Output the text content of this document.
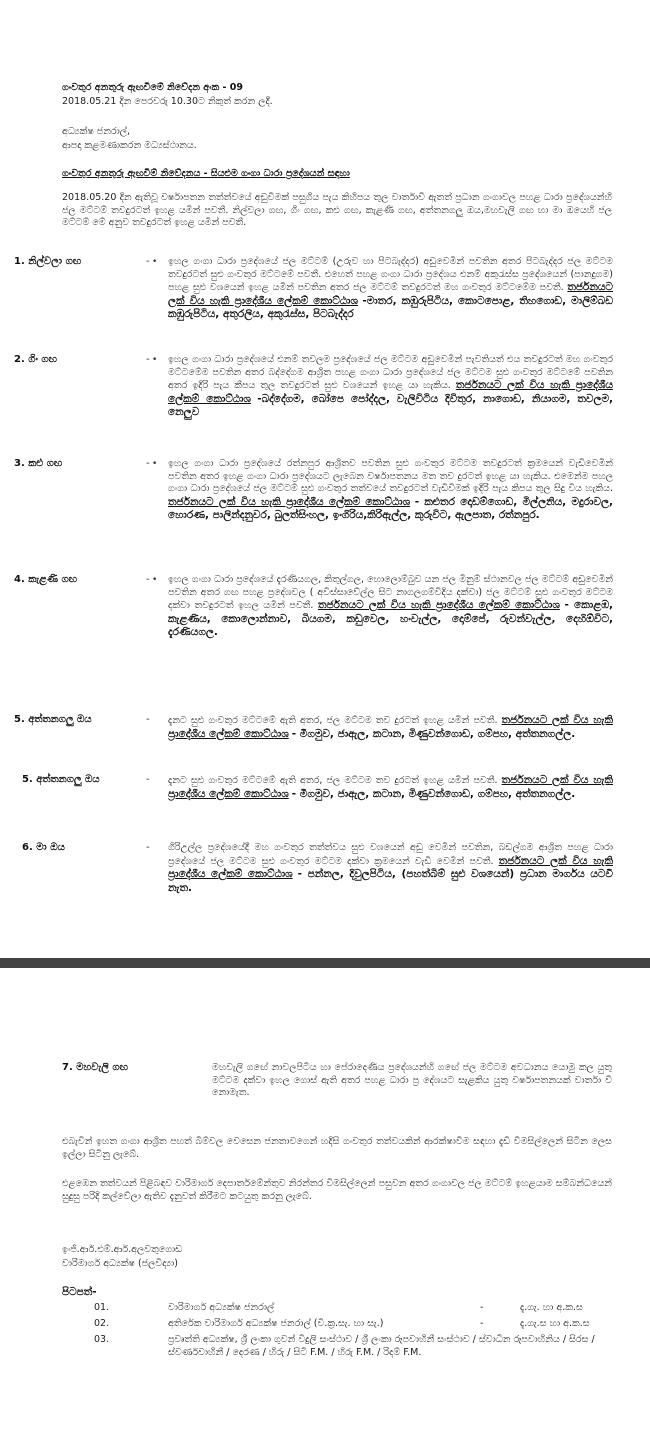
ගංවතුර අනතුරු ඇඟවීමේ නිවේදන අංක - 09
2018.05.21 දින පෙරවරු 10.30ට නිකුත් කරන ලදී.
අධ්‍යක්ෂ ජනරාල්,
ආපදා කළමණාකරන මධ්‍යස්ථානය.
ගංවතුර අනතුරු ඇඟවීම් නිවේදනය - සියළුම ගංගා ධාරා ප්‍රදේශයන් සඳහා
2018.05.20 දින ඇතිවූ වර්ෂාපතන තත්ත්වයේ අඩුවීමක් පසුගිය පැය කිහිපය තුල වාර්තාවී ඇතත් ප්‍රධාන ගංගාවල පහළ ධාරා ප්‍රදේශයන්හි ජල මට්ටම් තවදුරටත් ඉහළ යමින් පවතී. නිල්වලා ගඟ, ගිං ගඟ, කළු ගඟ, කැළණි ගඟ, අත්තනගලු ඔය,මහවැලි ගඟ හා මා ඔයෙහි ජල මට්ටම් මේ අනුව තවදුරටත් ඉහළ යමින් පවතී.
1. නිල්වලා ගඟ	- • ඉහල ගංගා ධාරා ප්‍රදේශයේ ජල මට්ටම් (උරුව හා පිටබැද්දර) අඩුවෙමින් පවතින අතර පිටබැද්දර ජල මට්ටම තවදුරටත් සුළු ගංවතුර මට්ටමේ පවතී. එහෙත් පහළ ගංගා ධාරා ප්‍රදේශය එනම් අකුරැස්ස ප්‍රදේශයෙන් (පානදුගම) පහළ සුළු වශයෙන් ඉහළ යමින් පවතින අතර ජල මට්ටම් තවදුරටත් මහ ගංවතුර මට්ටමේම පවතී. තර්ජනයට ලක් විය හැකි ප්‍රාදේශීය ලේකම් කොට්ඨාශ -මාතර, කඹුරුපිටිය, කොටපොළ, තිහගොඩ, මාලිම්බඩ කඹුරුපිටිය, අතුරලිය, අකුරැස්ස, පිටබැද්දර
2. ගිං ගඟ	- • ඉහල ගංගා ධාරා ප්‍රදේශයේ එනම් තවලම ප්‍රදේශයේ ජල මට්ටම අඩුවෙමින් පැවතියත් එය තවදුරටත් මහ ගංවතුර මට්ටමේම පවතින අතර බද්දේගම ආශ්‍රිත පහළ ගංගා ධාරා ප්‍රදේශයේ ජල මට්ටම සුළු ගංවතුර මට්ටමේ පවතින අතර ඉදිරි පැය කීපය තුල තවදුරටත් සුළු වශයෙන් ඉහළ යා හැකිය. තර්ජනයට ලක් විය හැකි ප්‍රාදේශීය ලේකම් කොට්ඨාශ -බද්දේගම, බෝපෙ පෝද්දල, වැලිවිටිය දිවිතුර, නාගොඩ, නියාගම, තවලම, නෙලුව
3. කළු ගඟ	- • ඉහල ගංගා ධාරා ප්‍රදේශයේ රත්නපුර ආශ්‍රිතව පවතින සුළු ගංවතුර මට්ටම තවදුරටත් ක්‍රමයෙන් වැඩිවෙමින් පවතින අතර ඉහළ ගංගා ධාරා ප්‍රදේශයට ලැබෙන වර්ෂාපතනය මත තව දුරටත් ඉහළ යා හැකිය. එමෙන්ම පහල ගංගා ධාරා ප්‍රදේශයේ ජල මට්ටම් සුළු ගංවතුර තත්වයේ තවදුරටත් වැඩිවීමක් ඉදිරි පැය කිපය තුල සිදු විය හැකිය. තර්ජනයට ලක් විය හැකි ප්‍රාදේශීය ලේකම් කොට්ඨාශ - කළුතර දොඩම්ගොඩ, මිල්ලනිය, මදුරාවල, හොරණ, පාලින්දනුවර, බුලත්සිංහල, ඉංගිරිය,කිරිඇල්ල, කුරුවිට, ඇලපාත, රත්නපුර.
4. කැළණි ගඟ	- • ඉහල ගංගා ධාරා ප්‍රදේශයේ දැරණියගල, කිතුල්ගල, හොලොම්බුව යන ජල මිනුම් ස්ථානවල ජල මට්ටම් අඩුවෙමින් පවතින අතර ගඟ පහළ ප්‍රදේශවල ( අවිස්සාවේල්ල සිට නාගලගම්විදිය දක්වා) ජල මට්ටම් සුළු ගංවතුර මට්ටම දක්වා තවදුරටත් ඉහල යමින් පවතී. තර්ජනයට ලක් විය හැකි ප්‍රාදේශීය ලේකම් කොට්ඨාශ - කොළඹ, කැළණිය, කොලොන්නාව, බියගම, කඩුවෙල, හංවැල්ල, දොම්පේ, රුවන්වැල්ල, දෙහිඕවිට, දැරණියගල.
5. අත්තනගලු ඔය	- දැනට සුළු ගංවතුර මට්ටමේ ඇති අතර, ජල මට්ටම තව දුරටත් ඉහළ යමින් පවතී. තර්ජනයට ලක් විය හැකි ප්‍රාදේශීය ලේකම් කොට්ඨාශ - මීගමුව, ජාඇල, කටාන, මිණුවන්ගොඩ, ගම්පහ, අත්තනගල්ල.
5. අත්තනගලු ඔය	- දැනට සුළු ගංවතුර මට්ටමේ ඇති අතර, ජල මට්ටම තව දුරටත් ඉහළ යමින් පවතී. තර්ජනයට ලක් විය හැකි ප්‍රාදේශීය ලේකම් කොට්ඨාශ - මීගමුව, ජාඇල, කටාන, මිණුවන්ගොඩ, ගම්පහ, අත්තනගල්ල.
6. මා ඔය	- ගිරිඋල්ල ප්‍රදේශයේදී මහ ගංවතුර තත්ත්වය සුළු වශයෙන් අඩු වෙමින් පවතින, බඩල්ගම ආශ්‍රිත පහළ ධාරා ප්‍රදේශයේ ජල මට්ටම සුළු ගංවතුර මට්ටම දක්වා ක්‍රමයෙන් වැඩි වෙමින් පවතී. තර්ජනයට ලක් විය හැකි ප්‍රාදේශීය ලේකම් කොට්ඨාශ - පන්නල, දිවුලපිටිය, (පහත්බිම් සුළු වශයෙන්) ප්‍රධාන මාර්ගය යටවී නැත.
7. මහවැලි ගඟ	මහවැලි ගඟේ නාවලපිටිය හා පේරාදෙණිය ප්‍රදේශයන්හි ගඟේ ජල මට්ටම අවධානය යොමු කල යුතු මට්ටම දක්වා ඉහල ගොස් ඇති අතර පහළ ධාරා ප්‍ර දේශයට සැළකිය යුතු වර්ෂාපතනයක් වාර්තා වී නොමැත.
එබැවින් ඉහත ගංගා ආශ්‍රිත පහත් බිම්වල වෙසෙන ජනතාවගෙන් හදිසි ගංවතුර තත්වයකින් ආරක්ෂාවීම සඳහා දැඩි විමසිල්ලෙන් සිටින ලෙස ඉල්ලා සිටිනු ලැබේ.
එළඹෙන තත්වයන් පිළිබඳව වාරිමාර්ග දෙපාර්තමේන්තුව නිරන්තර විමසිල්ලෙන් පසුවන අතර ගංගාවල ජල මට්ටම් ඉහළයාම සම්බන්ධයෙන් සුදුසු පරිදි කල්වේලා ඇතිව දැනුවත් කිරීමට කටයුතු කරනු ලැබේ.
ඉංජි.ආර්.එම්.ආර්.අලවතුගොඩ
වාරිමාර්ග අධ්‍යක්ෂ (ජලවිද්‍යා)
පිටපත්-
01.	වාරිමාර්ග අධ්‍යක්ෂ ජනරාල්	-	දැ.ගැ. හා අ.ක.ස
02.	අතිරේක වාරිමාර්ග අධ්‍යක්ෂ ජනරාල් (වි.ක්‍ර.සැ. හා සැ.)	-	දැ.ගැ.ස හා අ.ක.ස
03.	ප්‍රවෘත්ති අධ්‍යක්ෂ, ශ්‍රී ලංකා ගුවන් විදුලි සංස්ථාව / ශ්‍රී ලංකා රූපවාහිනී සංස්ථාව / ස්වාධීන රූපවාහිනිය / සිරස / ස්වර්ණවාහිනී / දෙරණ / හිරු / සිටි F.M. / හිරු F.M. / රිදම් F.M.
